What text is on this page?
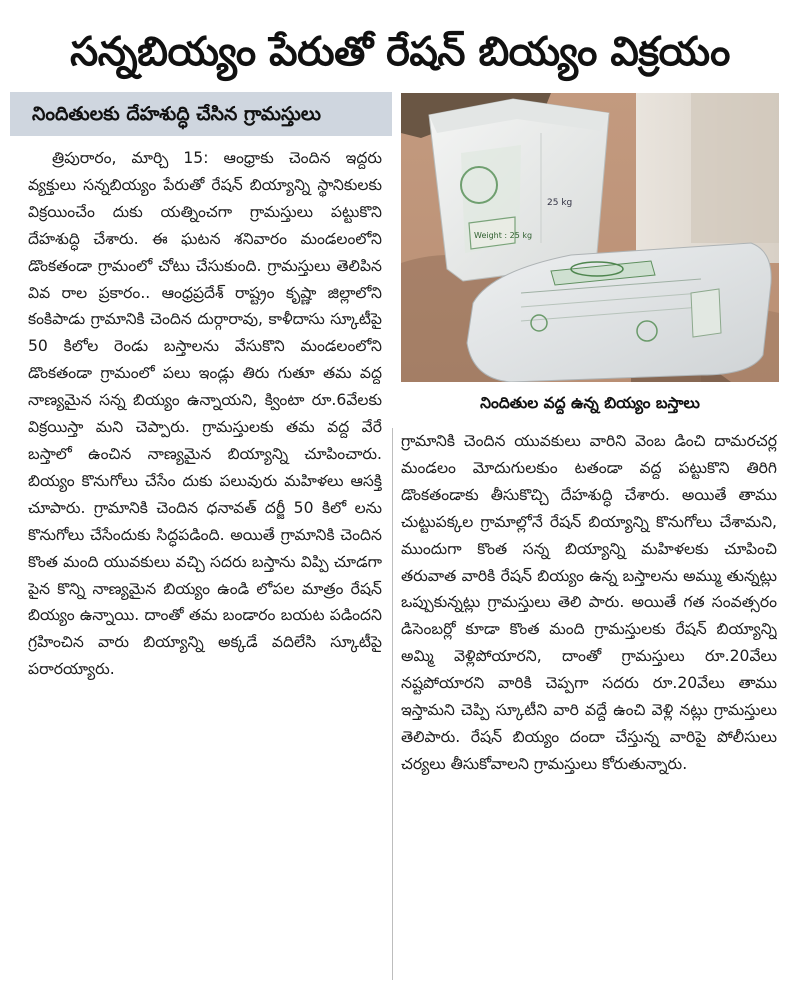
సన్నబియ్యం పేరుతో రేషన్ బియ్యం విక్రయం
నిందితులకు దేహశుద్ధి చేసిన గ్రామస్తులు
Weight : 25 kg
25 kg
నిందితుల వద్ద ఉన్న బియ్యం బస్తాలు
త్రిపురారం, మార్చి 15: ఆంధ్రాకు చెందిన ఇద్దరు వ్యక్తులు సన్నబియ్యం పేరుతో రేషన్ బియ్యాన్ని స్థానికులకు విక్రయించేం దుకు యత్నించగా గ్రామస్తులు పట్టుకొని దేహశుద్ధి చేశారు. ఈ ఘటన శనివారం మండలంలోని డొంకతండా గ్రామంలో చోటు చేసుకుంది. గ్రామస్తులు తెలిపిన వివ రాల ప్రకారం.. ఆంధ్రప్రదేశ్ రాష్ట్రం కృష్ణా జిల్లాలోని కంకిపాడు గ్రామానికి చెందిన దుర్గారావు, కాళీదాసు స్కూటీపై 50 కిలోల రెండు బస్తాలను వేసుకొని మండలంలోని డొంకతండా గ్రామంలో పలు ఇండ్లు తిరు గుతూ తమ వద్ద నాణ్యమైన సన్న బియ్యం ఉన్నాయని, క్వింటా రూ.6వేలకు విక్రయిస్తా మని చెప్పారు. గ్రామస్తులకు తమ వద్ద వేరే బస్తాలో ఉంచిన నాణ్యమైన బియ్యాన్ని చూపించారు. బియ్యం కొనుగోలు చేసేం దుకు పలువురు మహిళలు ఆసక్తి చూపారు. గ్రామానికి చెందిన ధనావత్ దర్జీ 50 కిలో లను కొనుగోలు చేసేందుకు సిద్ధపడింది. అయితే గ్రామానికి చెందిన కొంత మంది యువకులు వచ్చి సదరు బస్తాను విప్పి చూడగా పైన కొన్ని నాణ్యమైన బియ్యం ఉండి లోపల మాత్రం రేషన్ బియ్యం ఉన్నాయి. దాంతో తమ బండారం బయట పడిందని గ్రహించిన వారు బియ్యాన్ని అక్కడే వదిలేసి స్కూటీపై పరారయ్యారు.
గ్రామానికి చెందిన యువకులు వారిని వెంబ డించి దామరచర్ల మండలం మోదుగులకుం టతండా వద్ద పట్టుకొని తిరిగి డొంకతండాకు తీసుకొచ్చి దేహశుద్ధి చేశారు. అయితే తాము చుట్టుపక్కల గ్రామాల్లోనే రేషన్ బియ్యాన్ని కొనుగోలు చేశామని, ముందుగా కొంత సన్న బియ్యాన్ని మహిళలకు చూపించి తరువాత వారికి రేషన్ బియ్యం ఉన్న బస్తాలను అమ్ము తున్నట్లు ఒప్పుకున్నట్లు గ్రామస్తులు తెలి పారు. అయితే గత సంవత్సరం డిసెంబర్లో కూడా కొంత మంది గ్రామస్తులకు రేషన్ బియ్యాన్ని అమ్మి వెళ్లిపోయారని, దాంతో గ్రామస్తులు రూ.20వేలు నష్టపోయారని వారికి చెప్పగా సదరు రూ.20వేలు తాము ఇస్తామని చెప్పి స్కూటీని వారి వద్దే ఉంచి వెళ్లి నట్లు గ్రామస్తులు తెలిపారు. రేషన్ బియ్యం దందా చేస్తున్న వారిపై పోలీసులు చర్యలు తీసుకోవాలని గ్రామస్తులు కోరుతున్నారు.
